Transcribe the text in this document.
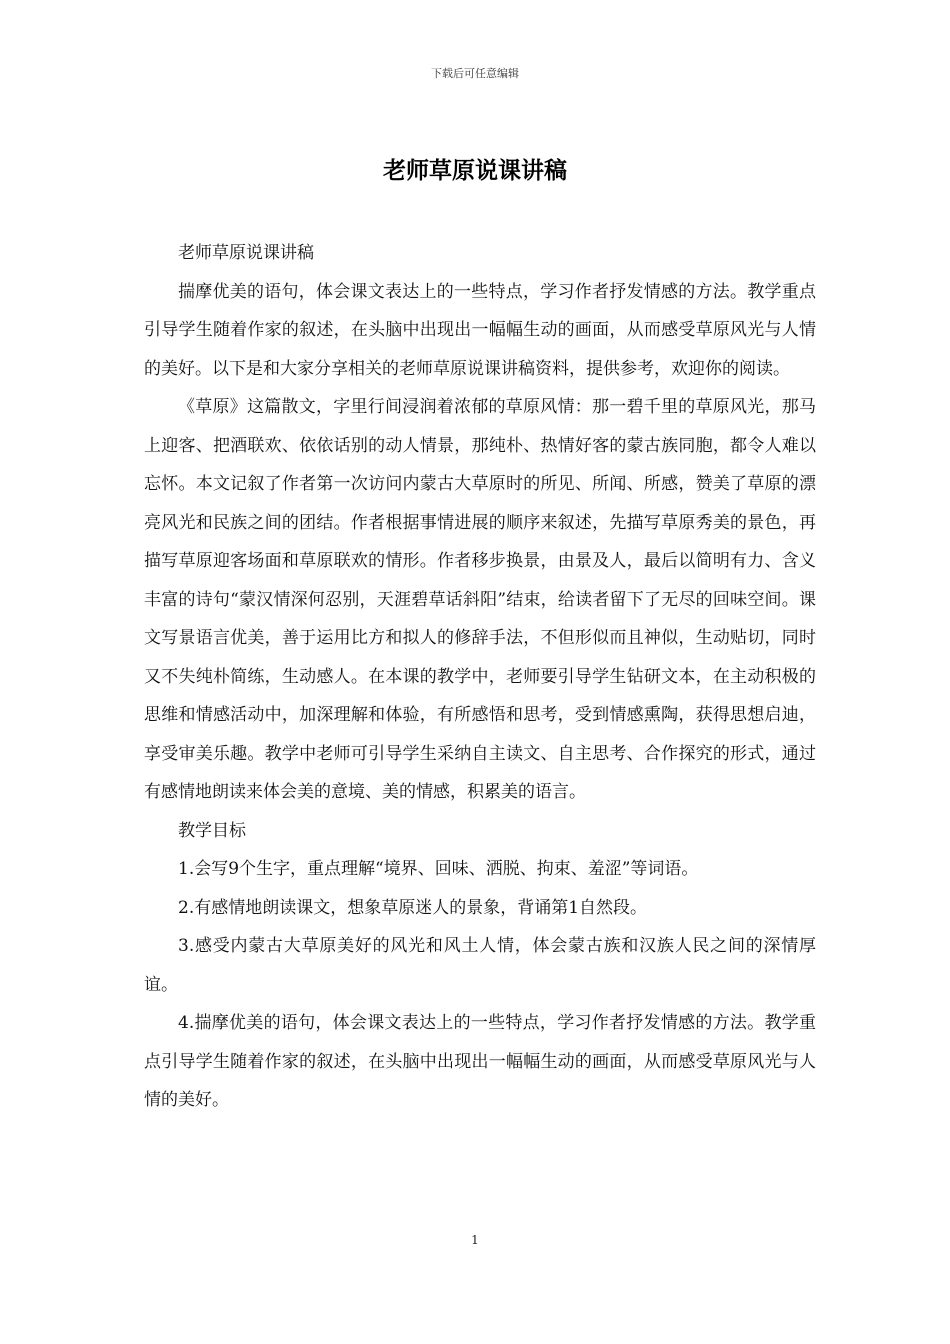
下载后可任意编辑
老师草原说课讲稿

老师草原说课讲稿

揣摩优美的语句，体会课文表达上的一些特点，学习作者抒发情感的方法。教学重点引导学生随着作家的叙述，在头脑中出现出一幅幅生动的画面，从而感受草原风光与人情的美好。以下是和大家分享相关的老师草原说课讲稿资料，提供参考，欢迎你的阅读。

《草原》这篇散文，字里行间浸润着浓郁的草原风情：那一碧千里的草原风光，那马上迎客、把酒联欢、依依话别的动人情景，那纯朴、热情好客的蒙古族同胞，都令人难以忘怀。本文记叙了作者第一次访问内蒙古大草原时的所见、所闻、所感，赞美了草原的漂亮风光和民族之间的团结。作者根据事情进展的顺序来叙述，先描写草原秀美的景色，再描写草原迎客场面和草原联欢的情形。作者移步换景，由景及人，最后以简明有力、含义丰富的诗句“蒙汉情深何忍别，天涯碧草话斜阳”结束，给读者留下了无尽的回味空间。课文写景语言优美，善于运用比方和拟人的修辞手法，不但形似而且神似，生动贴切，同时又不失纯朴简练，生动感人。在本课的教学中，老师要引导学生钻研文本，在主动积极的思维和情感活动中，加深理解和体验，有所感悟和思考，受到情感熏陶，获得思想启迪，享受审美乐趣。教学中老师可引导学生采纳自主读文、自主思考、合作探究的形式，通过有感情地朗读来体会美的意境、美的情感，积累美的语言。

教学目标

1.会写9个生字，重点理解“境界、回味、洒脱、拘束、羞涩”等词语。

2.有感情地朗读课文，想象草原迷人的景象，背诵第1自然段。

3.感受内蒙古大草原美好的风光和风土人情，体会蒙古族和汉族人民之间的深情厚谊。

4.揣摩优美的语句，体会课文表达上的一些特点，学习作者抒发情感的方法。教学重点引导学生随着作家的叙述，在头脑中出现出一幅幅生动的画面，从而感受草原风光与人情的美好。

1
